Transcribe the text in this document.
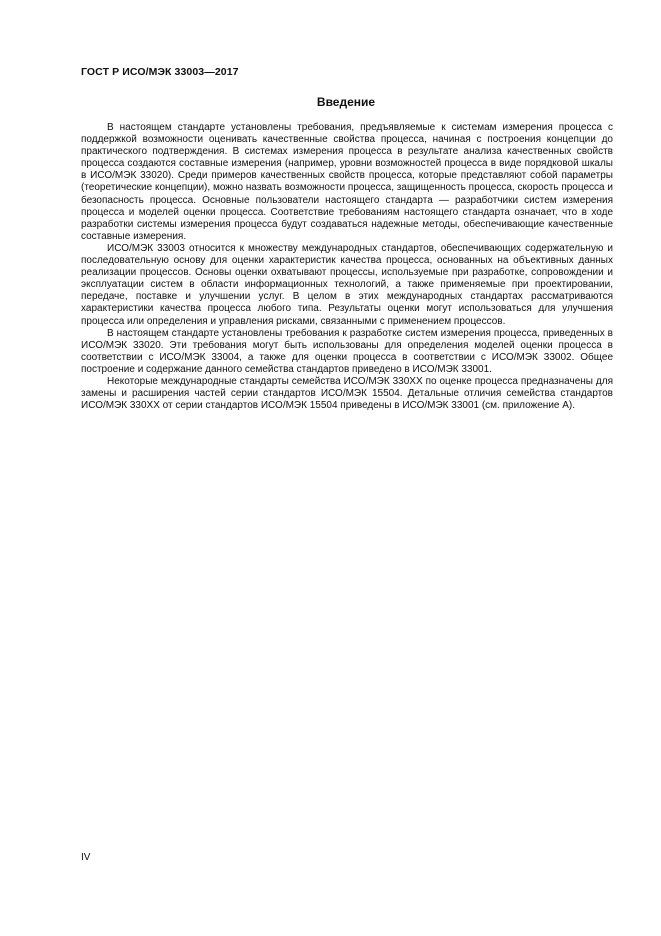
ГОСТ Р ИСО/МЭК 33003—2017
Введение

В настоящем стандарте установлены требования, предъявляемые к системам измерения процесса с поддержкой возможности оценивать качественные свойства процесса, начиная с построения концепции до практического подтверждения. В системах измерения процесса в результате анализа качественных свойств процесса создаются составные измерения (например, уровни возможностей процесса в виде порядковой шкалы в ИСО/МЭК 33020). Среди примеров качественных свойств процесса, которые представляют собой параметры (теоретические концепции), можно назвать возможности процесса, защищенность процесса, скорость процесса и безопасность процесса. Основные пользователи настоящего стандарта — разработчики систем измерения процесса и моделей оценки процесса. Соответствие требованиям настоящего стандарта означает, что в ходе разработки системы измерения процесса будут создаваться надежные методы, обеспечивающие качественные составные измерения.

ИСО/МЭК 33003 относится к множеству международных стандартов, обеспечивающих содержательную и последовательную основу для оценки характеристик качества процесса, основанных на объективных данных реализации процессов. Основы оценки охватывают процессы, используемые при разработке, сопровождении и эксплуатации систем в области информационных технологий, а также применяемые при проектировании, передаче, поставке и улучшении услуг. В целом в этих международных стандартах рассматриваются характеристики качества процесса любого типа. Результаты оценки могут использоваться для улучшения процесса или определения и управления рисками, связанными с применением процессов.

В настоящем стандарте установлены требования к разработке систем измерения процесса, приведенных в ИСО/МЭК 33020. Эти требования могут быть использованы для определения моделей оценки процесса в соответствии с ИСО/МЭК 33004, а также для оценки процесса в соответствии с ИСО/МЭК 33002. Общее построение и содержание данного семейства стандартов приведено в ИСО/МЭК 33001.

Некоторые международные стандарты семейства ИСО/МЭК 330XX по оценке процесса предназначены для замены и расширения частей серии стандартов ИСО/МЭК 15504. Детальные отличия семейства стандартов ИСО/МЭК 330XX от серии стандартов ИСО/МЭК 15504 приведены в ИСО/МЭК 33001 (см. приложение А).

IV
